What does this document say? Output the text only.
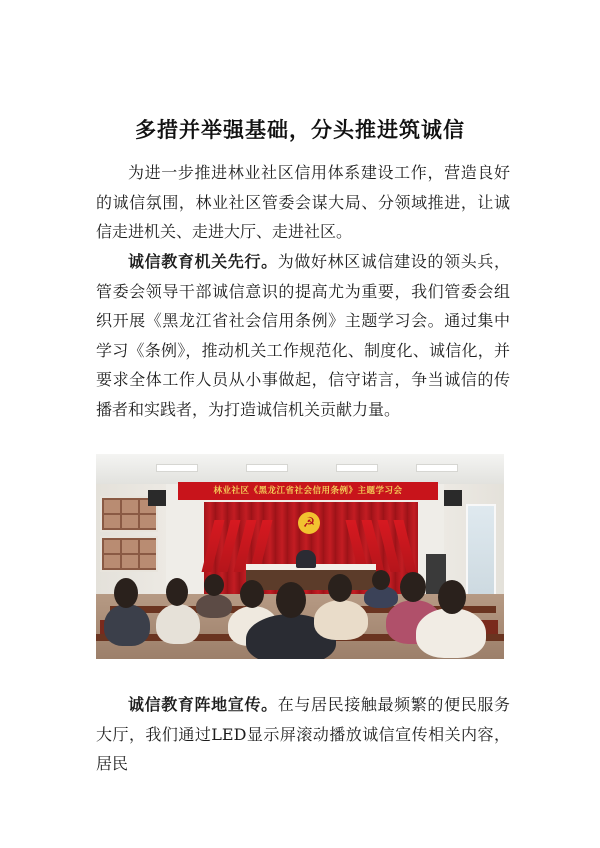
多措并举强基础，分头推进筑诚信
为进一步推进林业社区信用体系建设工作，营造良好的诚信氛围，林业社区管委会谋大局、分领域推进，让诚信走进机关、走进大厅、走进社区。
诚信教育机关先行。为做好林区诚信建设的领头兵，管委会领导干部诚信意识的提高尤为重要，我们管委会组织开展《黑龙江省社会信用条例》主题学习会。通过集中学习《条例》，推动机关工作规范化、制度化、诚信化，并要求全体工作人员从小事做起，信守诺言，争当诚信的传播者和实践者，为打造诚信机关贡献力量。
林业社区《黑龙江省社会信用条例》主题学习会
☭
诚信教育阵地宣传。在与居民接触最频繁的便民服务大厅，我们通过LED显示屏滚动播放诚信宣传相关内容，居民
